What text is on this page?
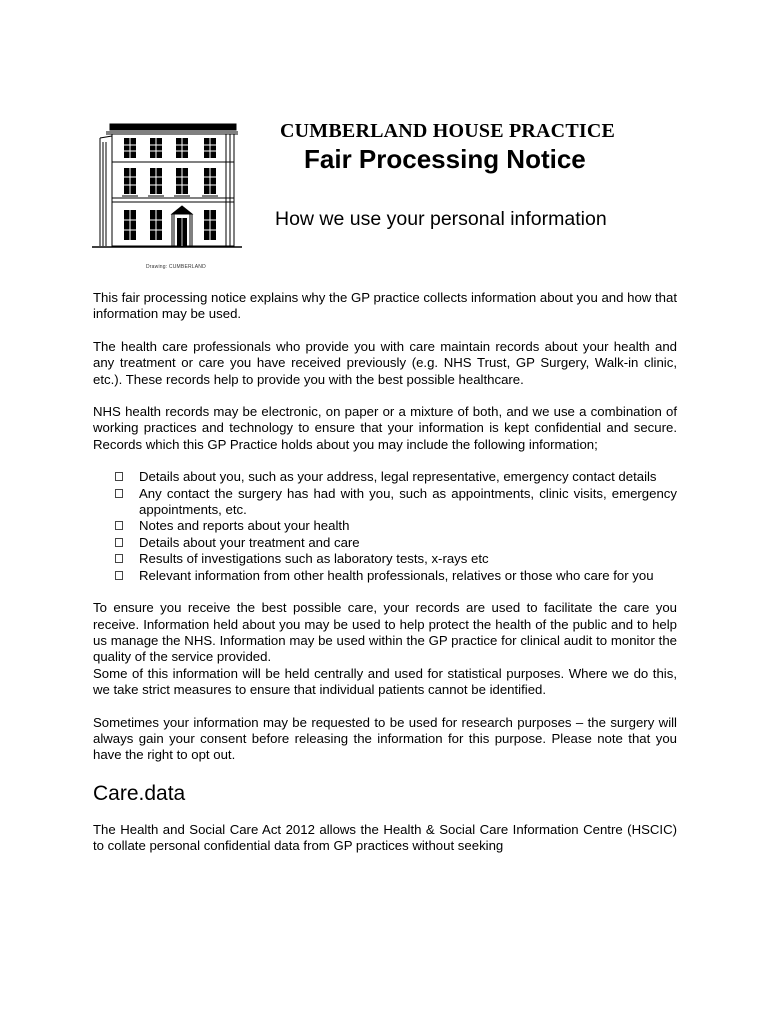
Drawing: CUMBERLAND
CUMBERLAND HOUSE PRACTICE
Fair Processing Notice
How we use your personal information

This fair processing notice explains why the GP practice collects information about you and how that information may be used.

The health care professionals who provide you with care maintain records about your health and any treatment or care you have received previously (e.g. NHS Trust, GP Surgery, Walk-in clinic, etc.). These records help to provide you with the best possible healthcare.

NHS health records may be electronic, on paper or a mixture of both, and we use a combination of working practices and technology to ensure that your information is kept confidential and secure. Records which this GP Practice holds about you may include the following information;

Details about you, such as your address, legal representative, emergency contact details
Any contact the surgery has had with you, such as appointments, clinic visits, emergency appointments, etc.
Notes and reports about your health
Details about your treatment and care
Results of investigations such as laboratory tests, x-rays etc
Relevant information from other health professionals, relatives or those who care for you

To ensure you receive the best possible care, your records are used to facilitate the care you receive. Information held about you may be used to help protect the health of the public and to help us manage the NHS. Information may be used within the GP practice for clinical audit to monitor the quality of the service provided.

Some of this information will be held centrally and used for statistical purposes. Where we do this, we take strict measures to ensure that individual patients cannot be identified.

Sometimes your information may be requested to be used for research purposes – the surgery will always gain your consent before releasing the information for this purpose. Please note that you have the right to opt out.

Care.data

The Health and Social Care Act 2012 allows the Health & Social Care Information Centre (HSCIC) to collate personal confidential data from GP practices without seeking
